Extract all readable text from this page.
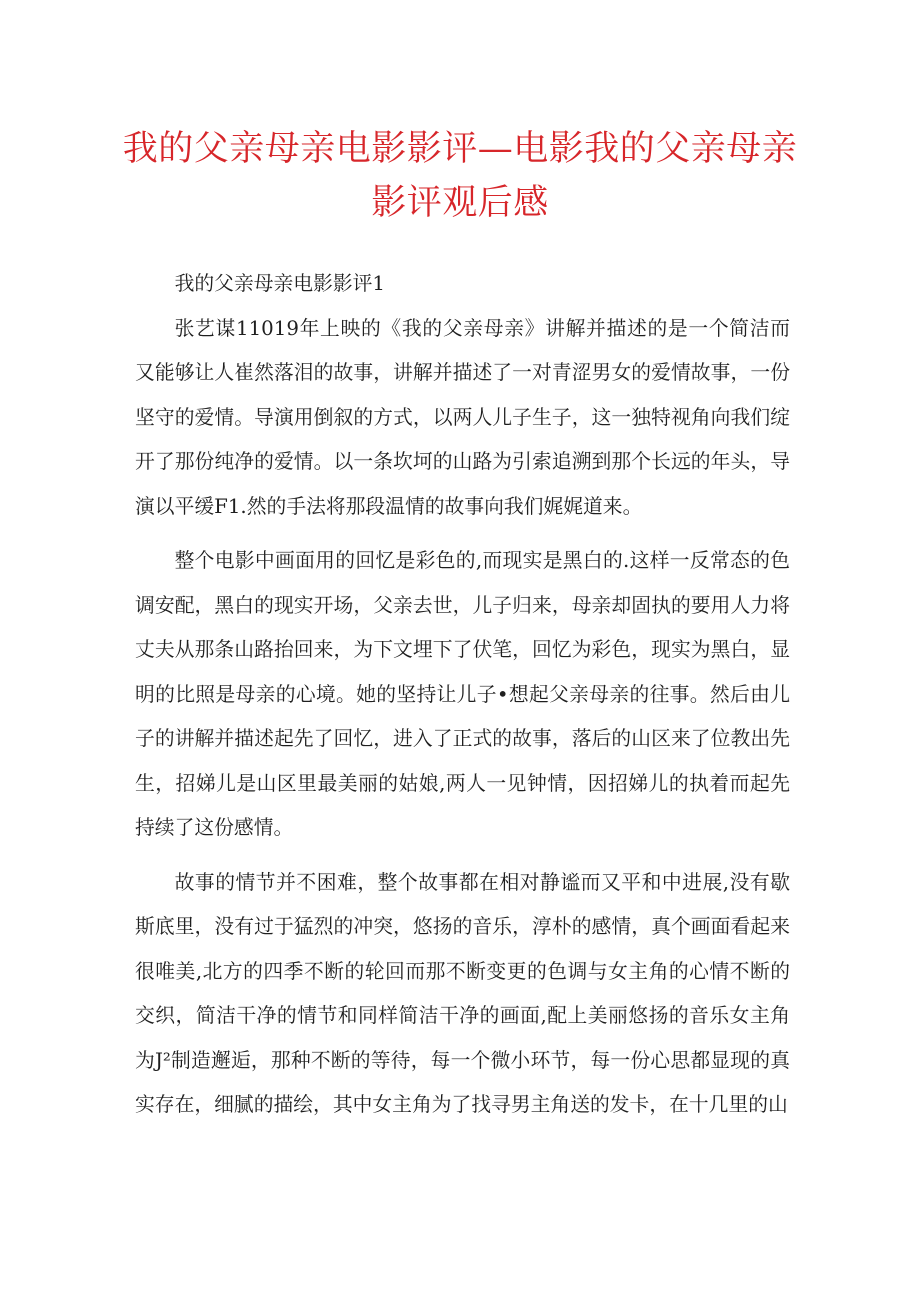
我的父亲母亲电影影评—电影我的父亲母亲影评观后感

我的父亲母亲电影影评1

张艺谋11019年上映的《我的父亲母亲》讲解并描述的是一个简洁而又能够让人崔然落泪的故事，讲解并描述了一对青涩男女的爱情故事，一份坚守的爱情。导演用倒叙的方式，以两人儿子生子，这一独特视角向我们绽开了那份纯净的爱情。以一条坎坷的山路为引索追溯到那个长远的年头，导演以平缓F1.然的手法将那段温情的故事向我们娓娓道来。

整个电影中画面用的回忆是彩色的,而现实是黑白的.这样一反常态的色调安配，黑白的现实开场，父亲去世，儿子归来，母亲却固执的要用人力将丈夫从那条山路抬回来，为下文埋下了伏笔，回忆为彩色，现实为黑白，显明的比照是母亲的心境。她的坚持让儿子•想起父亲母亲的往事。然后由儿子的讲解并描述起先了回忆，进入了正式的故事，落后的山区来了位教出先生，招娣儿是山区里最美丽的姑娘,两人一见钟情，因招娣儿的执着而起先持续了这份感情。

故事的情节并不困难，整个故事都在相对静谧而又平和中进展,没有歇斯底里，没有过于猛烈的冲突，悠扬的音乐，淳朴的感情，真个画面看起来很唯美,北方的四季不断的轮回而那不断变更的色调与女主角的心情不断的交织，简洁干净的情节和同样简洁干净的画面,配上美丽悠扬的音乐女主角为J²制造邂逅，那种不断的等待，每一个微小环节，每一份心思都显现的真实存在，细腻的描绘，其中女主角为了找寻男主角送的发卡，在十几里的山
